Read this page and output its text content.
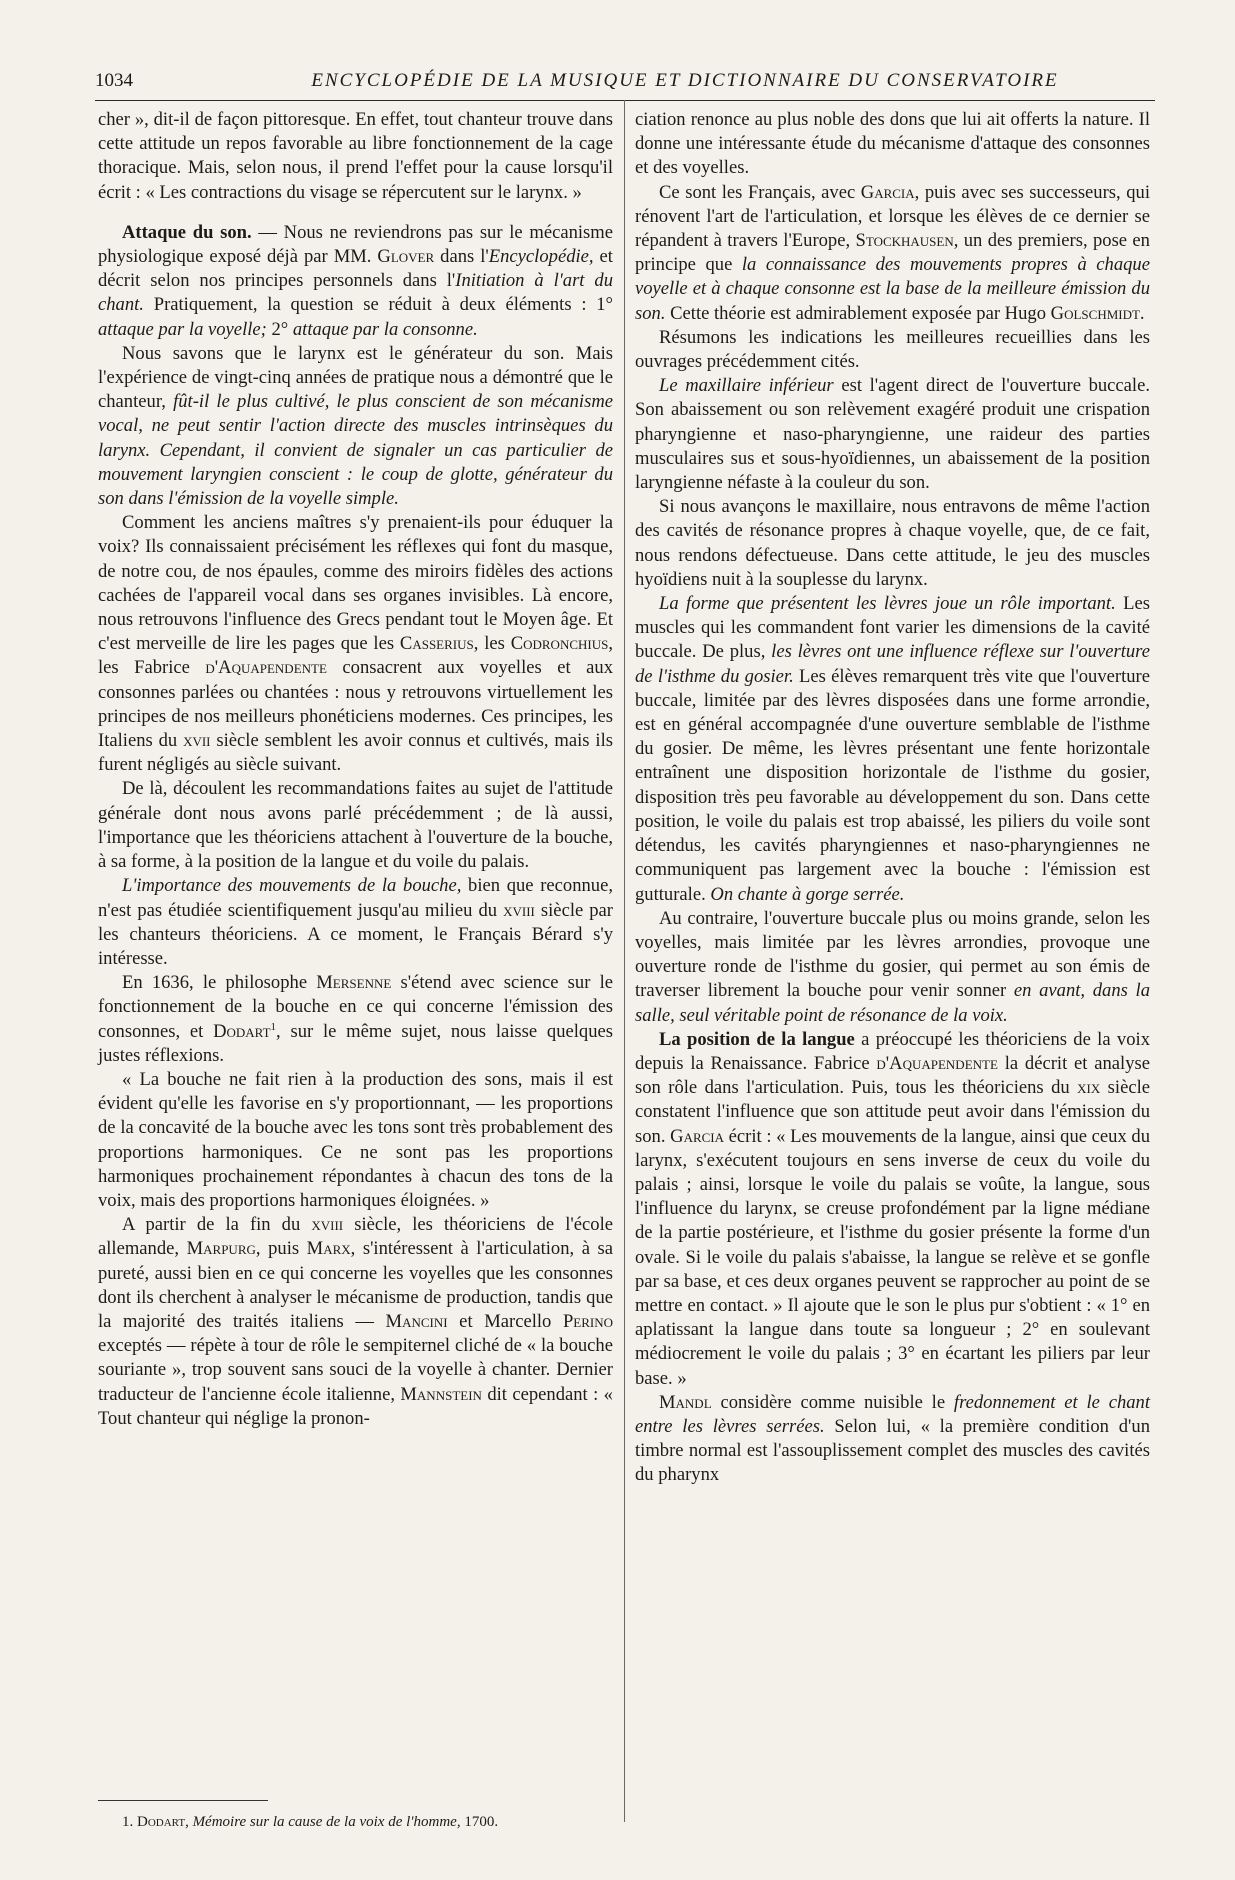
1034	ENCYCLOPÉDIE DE LA MUSIQUE ET DICTIONNAIRE DU CONSERVATOIRE

cher », dit-il de façon pittoresque. En effet, tout chanteur trouve dans cette attitude un repos favorable au libre fonctionnement de la cage thoracique. Mais, selon nous, il prend l'effet pour la cause lorsqu'il écrit : « Les contractions du visage se répercutent sur le larynx. »

Attaque du son. — Nous ne reviendrons pas sur le mécanisme physiologique exposé déjà par MM. Glover dans l'Encyclopédie, et décrit selon nos principes personnels dans l'Initiation à l'art du chant. Pratiquement, la question se réduit à deux éléments : 1° attaque par la voyelle; 2° attaque par la consonne.

Nous savons que le larynx est le générateur du son. Mais l'expérience de vingt-cinq années de pratique nous a démontré que le chanteur, fût-il le plus cultivé, le plus conscient de son mécanisme vocal, ne peut sentir l'action directe des muscles intrinsèques du larynx. Cependant, il convient de signaler un cas particulier de mouvement laryngien conscient : le coup de glotte, générateur du son dans l'émission de la voyelle simple.

Comment les anciens maîtres s'y prenaient-ils pour éduquer la voix? Ils connaissaient précisément les réflexes qui font du masque, de notre cou, de nos épaules, comme des miroirs fidèles des actions cachées de l'appareil vocal dans ses organes invisibles. Là encore, nous retrouvons l'influence des Grecs pendant tout le Moyen âge. Et c'est merveille de lire les pages que les Casserius, les Codronchius, les Fabrice d'Aquapendente consacrent aux voyelles et aux consonnes parlées ou chantées : nous y retrouvons virtuellement les principes de nos meilleurs phonéticiens modernes. Ces principes, les Italiens du xvii siècle semblent les avoir connus et cultivés, mais ils furent négligés au siècle suivant.

De là, découlent les recommandations faites au sujet de l'attitude générale dont nous avons parlé précédemment ; de là aussi, l'importance que les théoriciens attachent à l'ouverture de la bouche, à sa forme, à la position de la langue et du voile du palais.

L'importance des mouvements de la bouche, bien que reconnue, n'est pas étudiée scientifiquement jusqu'au milieu du xviii siècle par les chanteurs théoriciens. A ce moment, le Français Bérard s'y intéresse.

En 1636, le philosophe Mersenne s'étend avec science sur le fonctionnement de la bouche en ce qui concerne l'émission des consonnes, et Dodart$^1$, sur le même sujet, nous laisse quelques justes réflexions.

« La bouche ne fait rien à la production des sons, mais il est évident qu'elle les favorise en s'y proportionnant, — les proportions de la concavité de la bouche avec les tons sont très probablement des proportions harmoniques. Ce ne sont pas les proportions harmoniques prochainement répondantes à chacun des tons de la voix, mais des proportions harmoniques éloignées. »

A partir de la fin du xviii siècle, les théoriciens de l'école allemande, Marpurg, puis Marx, s'intéressent à l'articulation, à sa pureté, aussi bien en ce qui concerne les voyelles que les consonnes dont ils cherchent à analyser le mécanisme de production, tandis que la majorité des traités italiens — Mancini et Marcello Perino exceptés — répète à tour de rôle le sempiternel cliché de « la bouche souriante », trop souvent sans souci de la voyelle à chanter. Dernier traducteur de l'ancienne école italienne, Mannstein dit cependant : « Tout chanteur qui néglige la pronon-

ciation renonce au plus noble des dons que lui ait offerts la nature. Il donne une intéressante étude du mécanisme d'attaque des consonnes et des voyelles.

Ce sont les Français, avec Garcia, puis avec ses successeurs, qui rénovent l'art de l'articulation, et lorsque les élèves de ce dernier se répandent à travers l'Europe, Stockhausen, un des premiers, pose en principe que la connaissance des mouvements propres à chaque voyelle et à chaque consonne est la base de la meilleure émission du son. Cette théorie est admirablement exposée par Hugo Golschmidt.

Résumons les indications les meilleures recueillies dans les ouvrages précédemment cités.

Le maxillaire inférieur est l'agent direct de l'ouverture buccale. Son abaissement ou son relèvement exagéré produit une crispation pharyngienne et naso-pharyngienne, une raideur des parties musculaires sus et sous-hyoïdiennes, un abaissement de la position laryngienne néfaste à la couleur du son.

Si nous avançons le maxillaire, nous entravons de même l'action des cavités de résonance propres à chaque voyelle, que, de ce fait, nous rendons défectueuse. Dans cette attitude, le jeu des muscles hyoïdiens nuit à la souplesse du larynx.

La forme que présentent les lèvres joue un rôle important. Les muscles qui les commandent font varier les dimensions de la cavité buccale. De plus, les lèvres ont une influence réflexe sur l'ouverture de l'isthme du gosier. Les élèves remarquent très vite que l'ouverture buccale, limitée par des lèvres disposées dans une forme arrondie, est en général accompagnée d'une ouverture semblable de l'isthme du gosier. De même, les lèvres présentant une fente horizontale entraînent une disposition horizontale de l'isthme du gosier, disposition très peu favorable au développement du son. Dans cette position, le voile du palais est trop abaissé, les piliers du voile sont détendus, les cavités pharyngiennes et naso-pharyngiennes ne communiquent pas largement avec la bouche : l'émission est gutturale. On chante à gorge serrée.

Au contraire, l'ouverture buccale plus ou moins grande, selon les voyelles, mais limitée par les lèvres arrondies, provoque une ouverture ronde de l'isthme du gosier, qui permet au son émis de traverser librement la bouche pour venir sonner en avant, dans la salle, seul véritable point de résonance de la voix.

La position de la langue a préoccupé les théoriciens de la voix depuis la Renaissance. Fabrice d'Aquapendente la décrit et analyse son rôle dans l'articulation. Puis, tous les théoriciens du xix siècle constatent l'influence que son attitude peut avoir dans l'émission du son. Garcia écrit : « Les mouvements de la langue, ainsi que ceux du larynx, s'exécutent toujours en sens inverse de ceux du voile du palais ; ainsi, lorsque le voile du palais se voûte, la langue, sous l'influence du larynx, se creuse profondément par la ligne médiane de la partie postérieure, et l'isthme du gosier présente la forme d'un ovale. Si le voile du palais s'abaisse, la langue se relève et se gonfle par sa base, et ces deux organes peuvent se rapprocher au point de se mettre en contact. » Il ajoute que le son le plus pur s'obtient : « 1° en aplatissant la langue dans toute sa longueur ; 2° en soulevant médiocrement le voile du palais ; 3° en écartant les piliers par leur base. »

Mandl considère comme nuisible le fredonnement et le chant entre les lèvres serrées. Selon lui, « la première condition d'un timbre normal est l'assouplissement complet des muscles des cavités du pharynx

1. Dodart, Mémoire sur la cause de la voix de l'homme, 1700.
